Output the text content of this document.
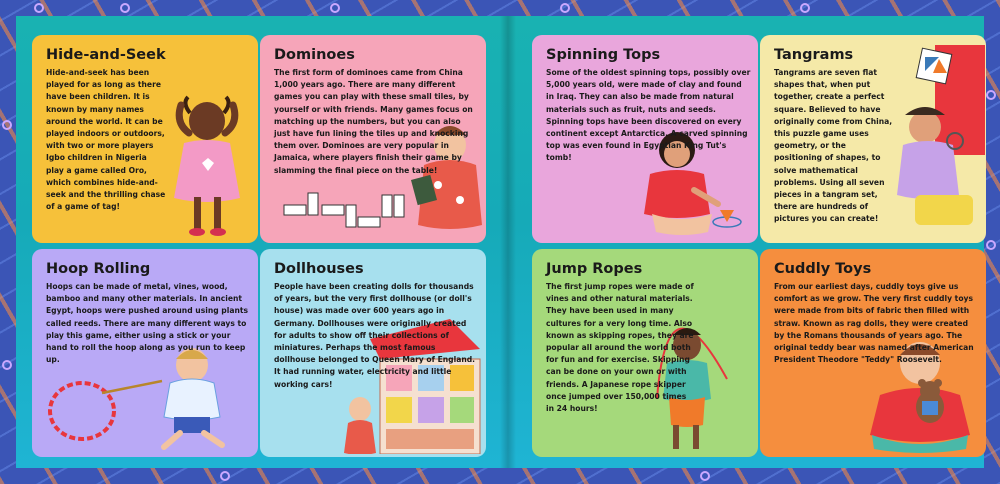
Hide-and-Seek

Hide-and-seek has been played for as long as there have been children. It is known by many names around the world. It can be played indoors or outdoors, with two or more players Igbo children in Nigeria play a game called Oro, which combines hide-and-seek and the thrilling chase of a game of tag!

Dominoes

The first form of dominoes came from China 1,000 years ago. There are many different games you can play with these small tiles, by yourself or with friends. Many games focus on matching up the numbers, but you can also just have fun lining the tiles up and knocking them over. Dominoes are very popular in Jamaica, where players finish their game by slamming the final piece on the table!

Spinning Tops

Some of the oldest spinning tops, possibly over 5,000 years old, were made of clay and found in Iraq. They can also be made from natural materials such as fruit, nuts and seeds. Spinning tops have been discovered on every continent except Antarctica. A carved spinning top was even found in Egyptian King Tut's tomb!

Tangrams

Tangrams are seven flat shapes that, when put together, create a perfect square. Believed to have originally come from China, this puzzle game uses geometry, or the positioning of shapes, to solve mathematical problems. Using all seven pieces in a tangram set, there are hundreds of pictures you can create!

Hoop Rolling

Hoops can be made of metal, vines, wood, bamboo and many other materials. In ancient Egypt, hoops were pushed around using plants called reeds. There are many different ways to play this game, either using a stick or your hand to roll the hoop along as you run to keep up.

Dollhouses

People have been creating dolls for thousands of years, but the very first dollhouse (or doll's house) was made over 600 years ago in Germany. Dollhouses were originally created for adults to show off their collections of miniatures. Perhaps the most famous dollhouse belonged to Queen Mary of England. It had running water, electricity and little working cars!

Jump Ropes

The first jump ropes were made of vines and other natural materials. They have been used in many cultures for a very long time. Also known as skipping ropes, they are popular all around the world both for fun and for exercise. Skipping can be done on your own or with friends. A Japanese rope skipper once jumped over 150,000 times in 24 hours!

Cuddly Toys

From our earliest days, cuddly toys give us comfort as we grow. The very first cuddly toys were made from bits of fabric then filled with straw. Known as rag dolls, they were created by the Romans thousands of years ago. The original teddy bear was named after American President Theodore "Teddy" Roosevelt.
